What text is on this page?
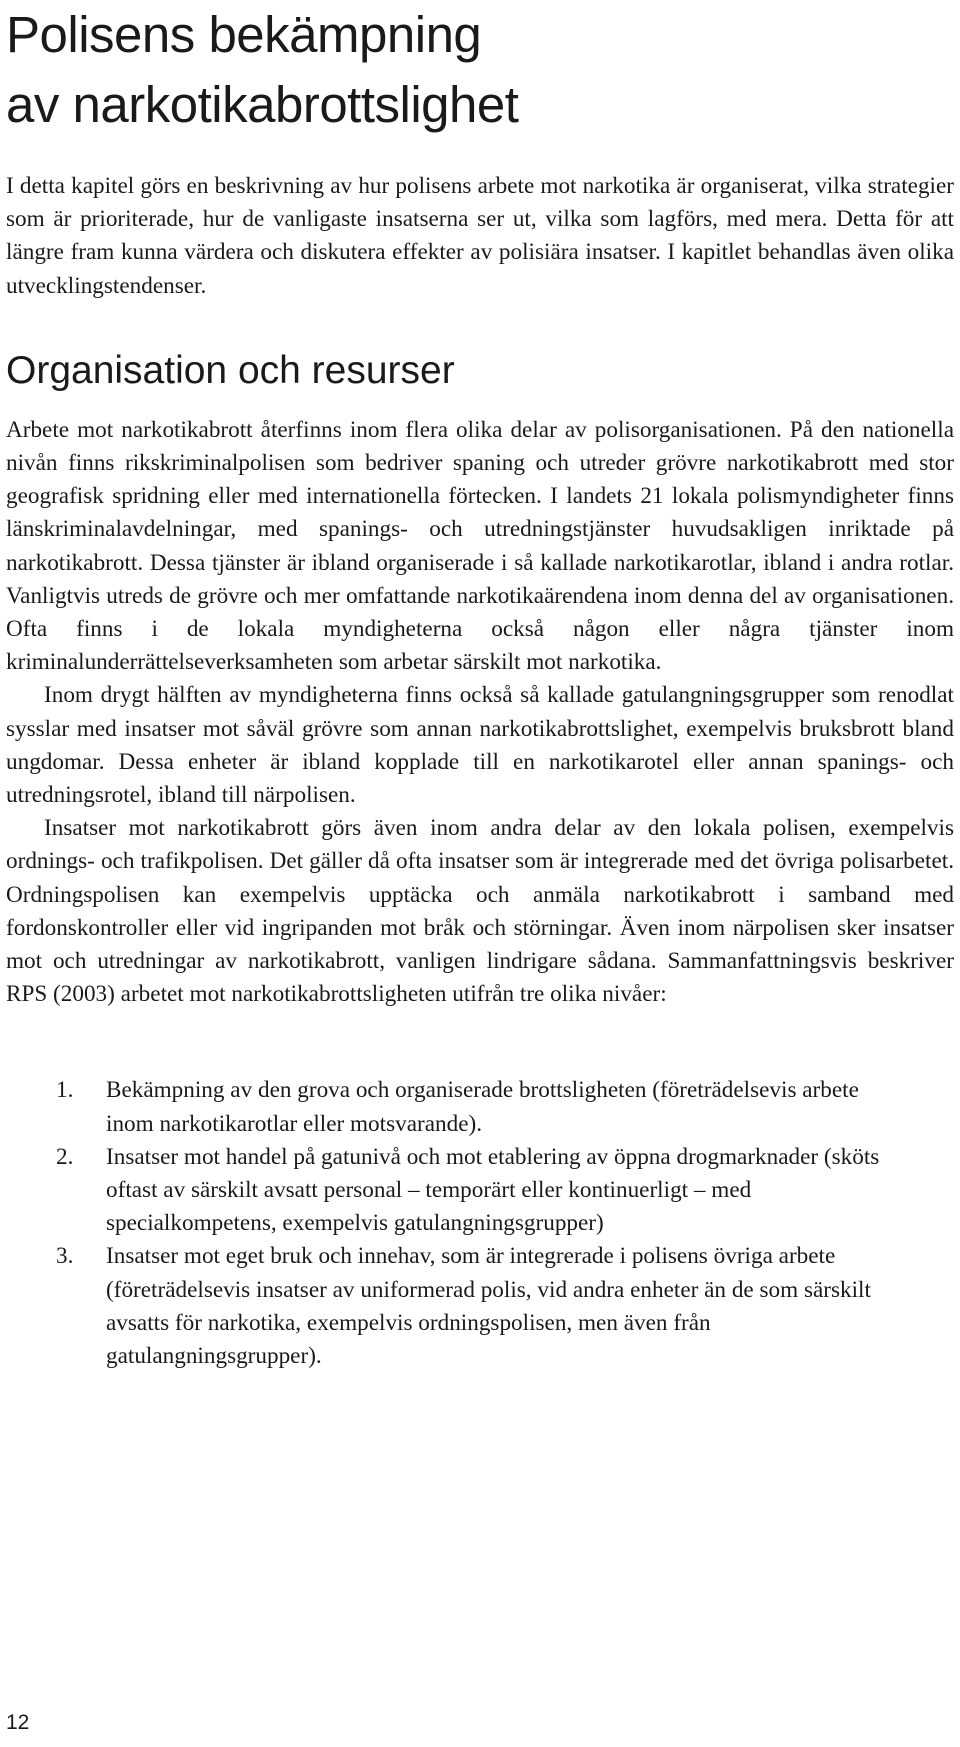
Polisens bekämpning
av narkotikabrottslighet

I detta kapitel görs en beskrivning av hur polisens arbete mot narkotika är organiserat, vilka strategier som är prioriterade, hur de vanligaste insatserna ser ut, vilka som lagförs, med mera. Detta för att längre fram kunna värdera och diskutera effekter av polisiära insatser. I kapitlet behandlas även olika utvecklingstendenser.

Organisation och resurser

Arbete mot narkotikabrott återfinns inom flera olika delar av polisorganisationen. På den nationella nivån finns rikskriminalpolisen som bedriver spaning och utreder grövre narkotikabrott med stor geografisk spridning eller med internationella förtecken. I landets 21 lokala polismyndigheter finns länskriminalavdelningar, med spanings- och utredningstjänster huvudsakligen inriktade på narkotikabrott. Dessa tjänster är ibland organiserade i så kallade narkotikarotlar, ibland i andra rotlar. Vanligtvis utreds de grövre och mer omfattande narkotikaärendena inom denna del av organisationen. Ofta finns i de lokala myndigheterna också någon eller några tjänster inom kriminalunderrättelseverksamheten som arbetar särskilt mot narkotika.

Inom drygt hälften av myndigheterna finns också så kallade gatulangningsgrupper som renodlat sysslar med insatser mot såväl grövre som annan narkotikabrottslighet, exempelvis bruksbrott bland ungdomar. Dessa enheter är ibland kopplade till en narkotikarotel eller annan spanings- och utredningsrotel, ibland till närpolisen.

Insatser mot narkotikabrott görs även inom andra delar av den lokala polisen, exempelvis ordnings- och trafikpolisen. Det gäller då ofta insatser som är integrerade med det övriga polisarbetet. Ordningspolisen kan exempelvis upptäcka och anmäla narkotikabrott i samband med fordonskontroller eller vid ingripanden mot bråk och störningar. Även inom närpolisen sker insatser mot och utredningar av narkotikabrott, vanligen lindrigare sådana. Sammanfattningsvis beskriver RPS (2003) arbetet mot narkotikabrottsligheten utifrån tre olika nivåer:

1. Bekämpning av den grova och organiserade brottsligheten (företrädelsevis arbete inom narkotikarotlar eller motsvarande).
2. Insatser mot handel på gatunivå och mot etablering av öppna drogmarknader (sköts oftast av särskilt avsatt personal – temporärt eller kontinuerligt – med specialkompetens, exempelvis gatulangningsgrupper)
3. Insatser mot eget bruk och innehav, som är integrerade i polisens övriga arbete (företrädelsevis insatser av uniformerad polis, vid andra enheter än de som särskilt avsatts för narkotika, exempelvis ordningspolisen, men även från gatulangningsgrupper).
12
